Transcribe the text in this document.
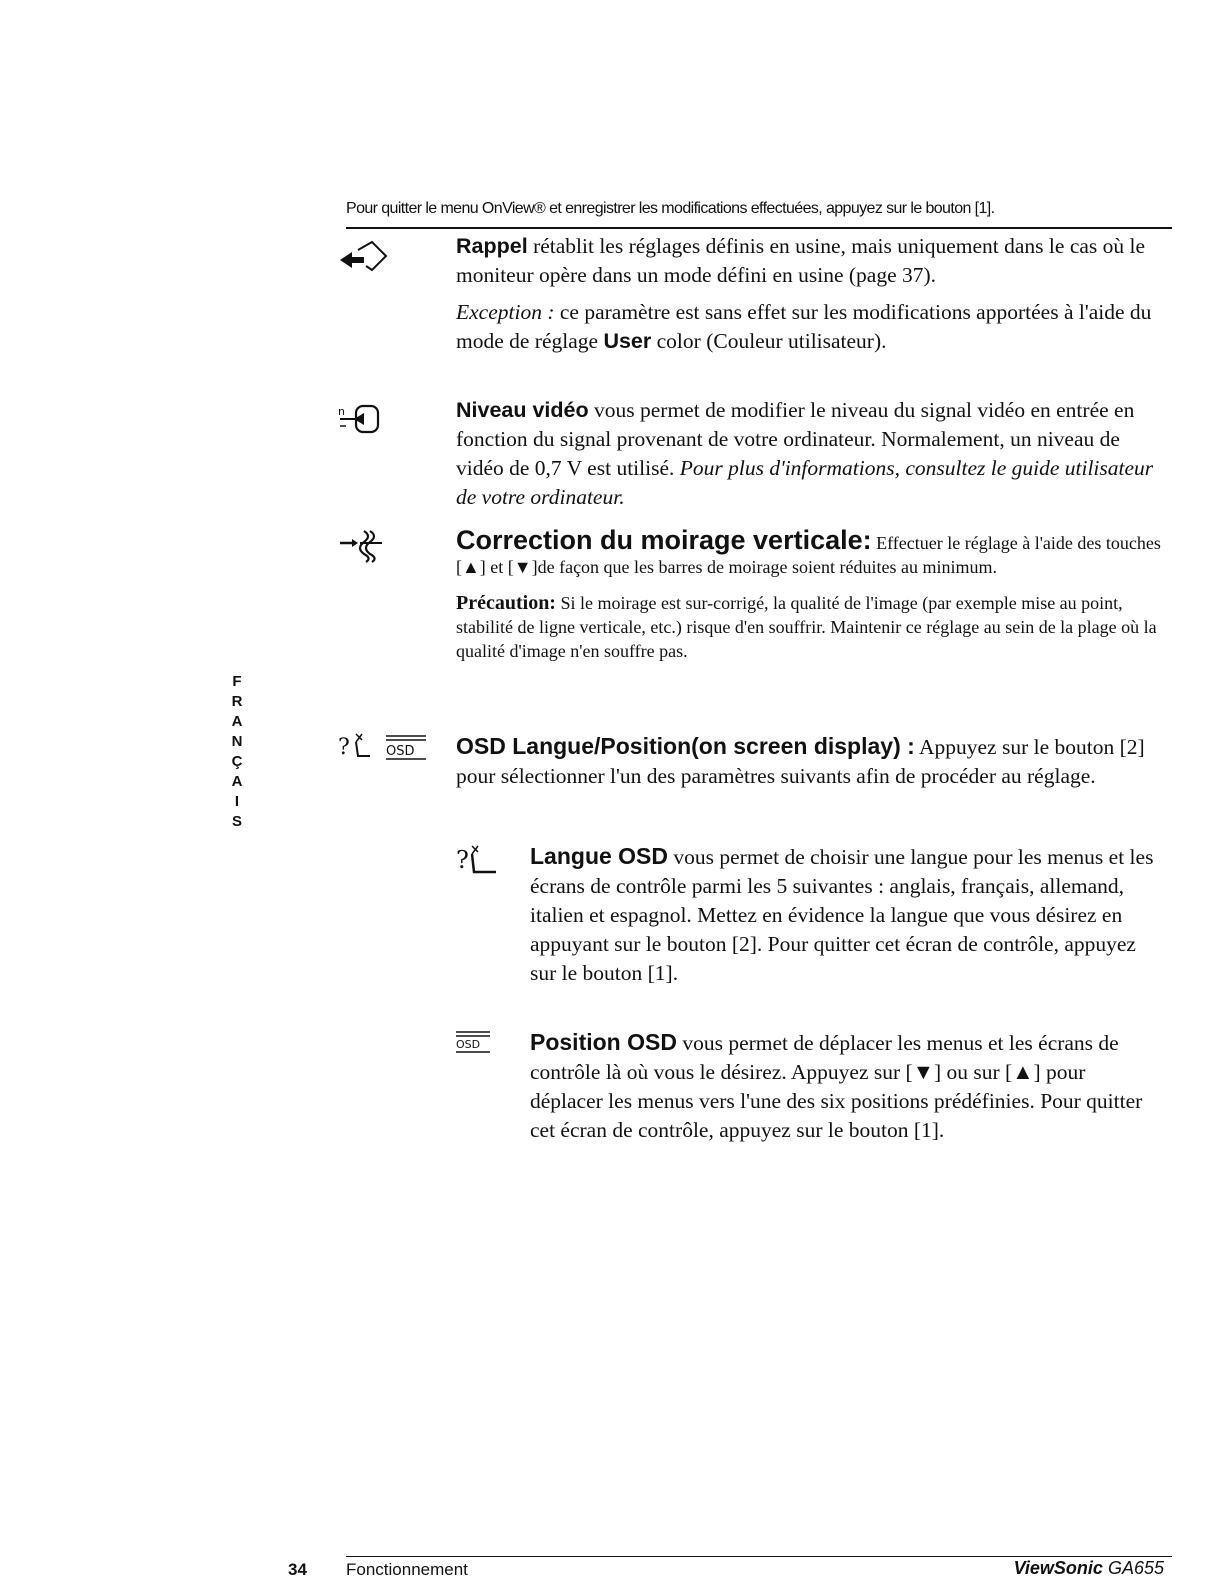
Pour quitter le menu OnView® et enregistrer les modifications effectuées, appuyez sur le bouton [1].

Rappel rétablit les réglages définis en usine, mais uniquement dans le cas où le moniteur opère dans un mode défini en usine (page 37).

Exception : ce paramètre est sans effet sur les modifications apportées à l'aide du mode de réglage User color (Couleur utilisateur).

n	Niveau vidéo vous permet de modifier le niveau du signal vidéo en entrée en fonction du signal provenant de votre ordinateur. Normalement, un niveau de vidéo de 0,7 V est utilisé. Pour plus d'informations, consultez le guide utilisateur de votre ordinateur.

Correction du moirage verticale: Effectuer le réglage à l'aide des touches [▲] et [▼]de façon que les barres de moirage soient réduites au minimum.

Précaution: Si le moirage est sur-corrigé, la qualité de l'image (par exemple mise au point, stabilité de ligne verticale, etc.) risque d'en souffrir. Maintenir ce réglage au sein de la plage où la qualité d'image n'en souffre pas.

?	OSD OSD Langue/Position(on screen display) : Appuyez sur le bouton [2] pour sélectionner l'un des paramètres suivants afin de procéder au réglage.

?	Langue OSD vous permet de choisir une langue pour les menus et les écrans de contrôle parmi les 5 suivantes : anglais, français, allemand, italien et espagnol. Mettez en évidence la langue que vous désirez en appuyant sur le bouton [2]. Pour quitter cet écran de contrôle, appuyez sur le bouton [1].

OSD Position OSD vous permet de déplacer les menus et les écrans de contrôle là où vous le désirez. Appuyez sur [▼] ou sur [▲] pour déplacer les menus vers l'une des six positions prédéfinies. Pour quitter cet écran de contrôle, appuyez sur le bouton [1].

F
R
A
N
Ç
A
I
S
34 Fonctionnement	ViewSonic GA655
